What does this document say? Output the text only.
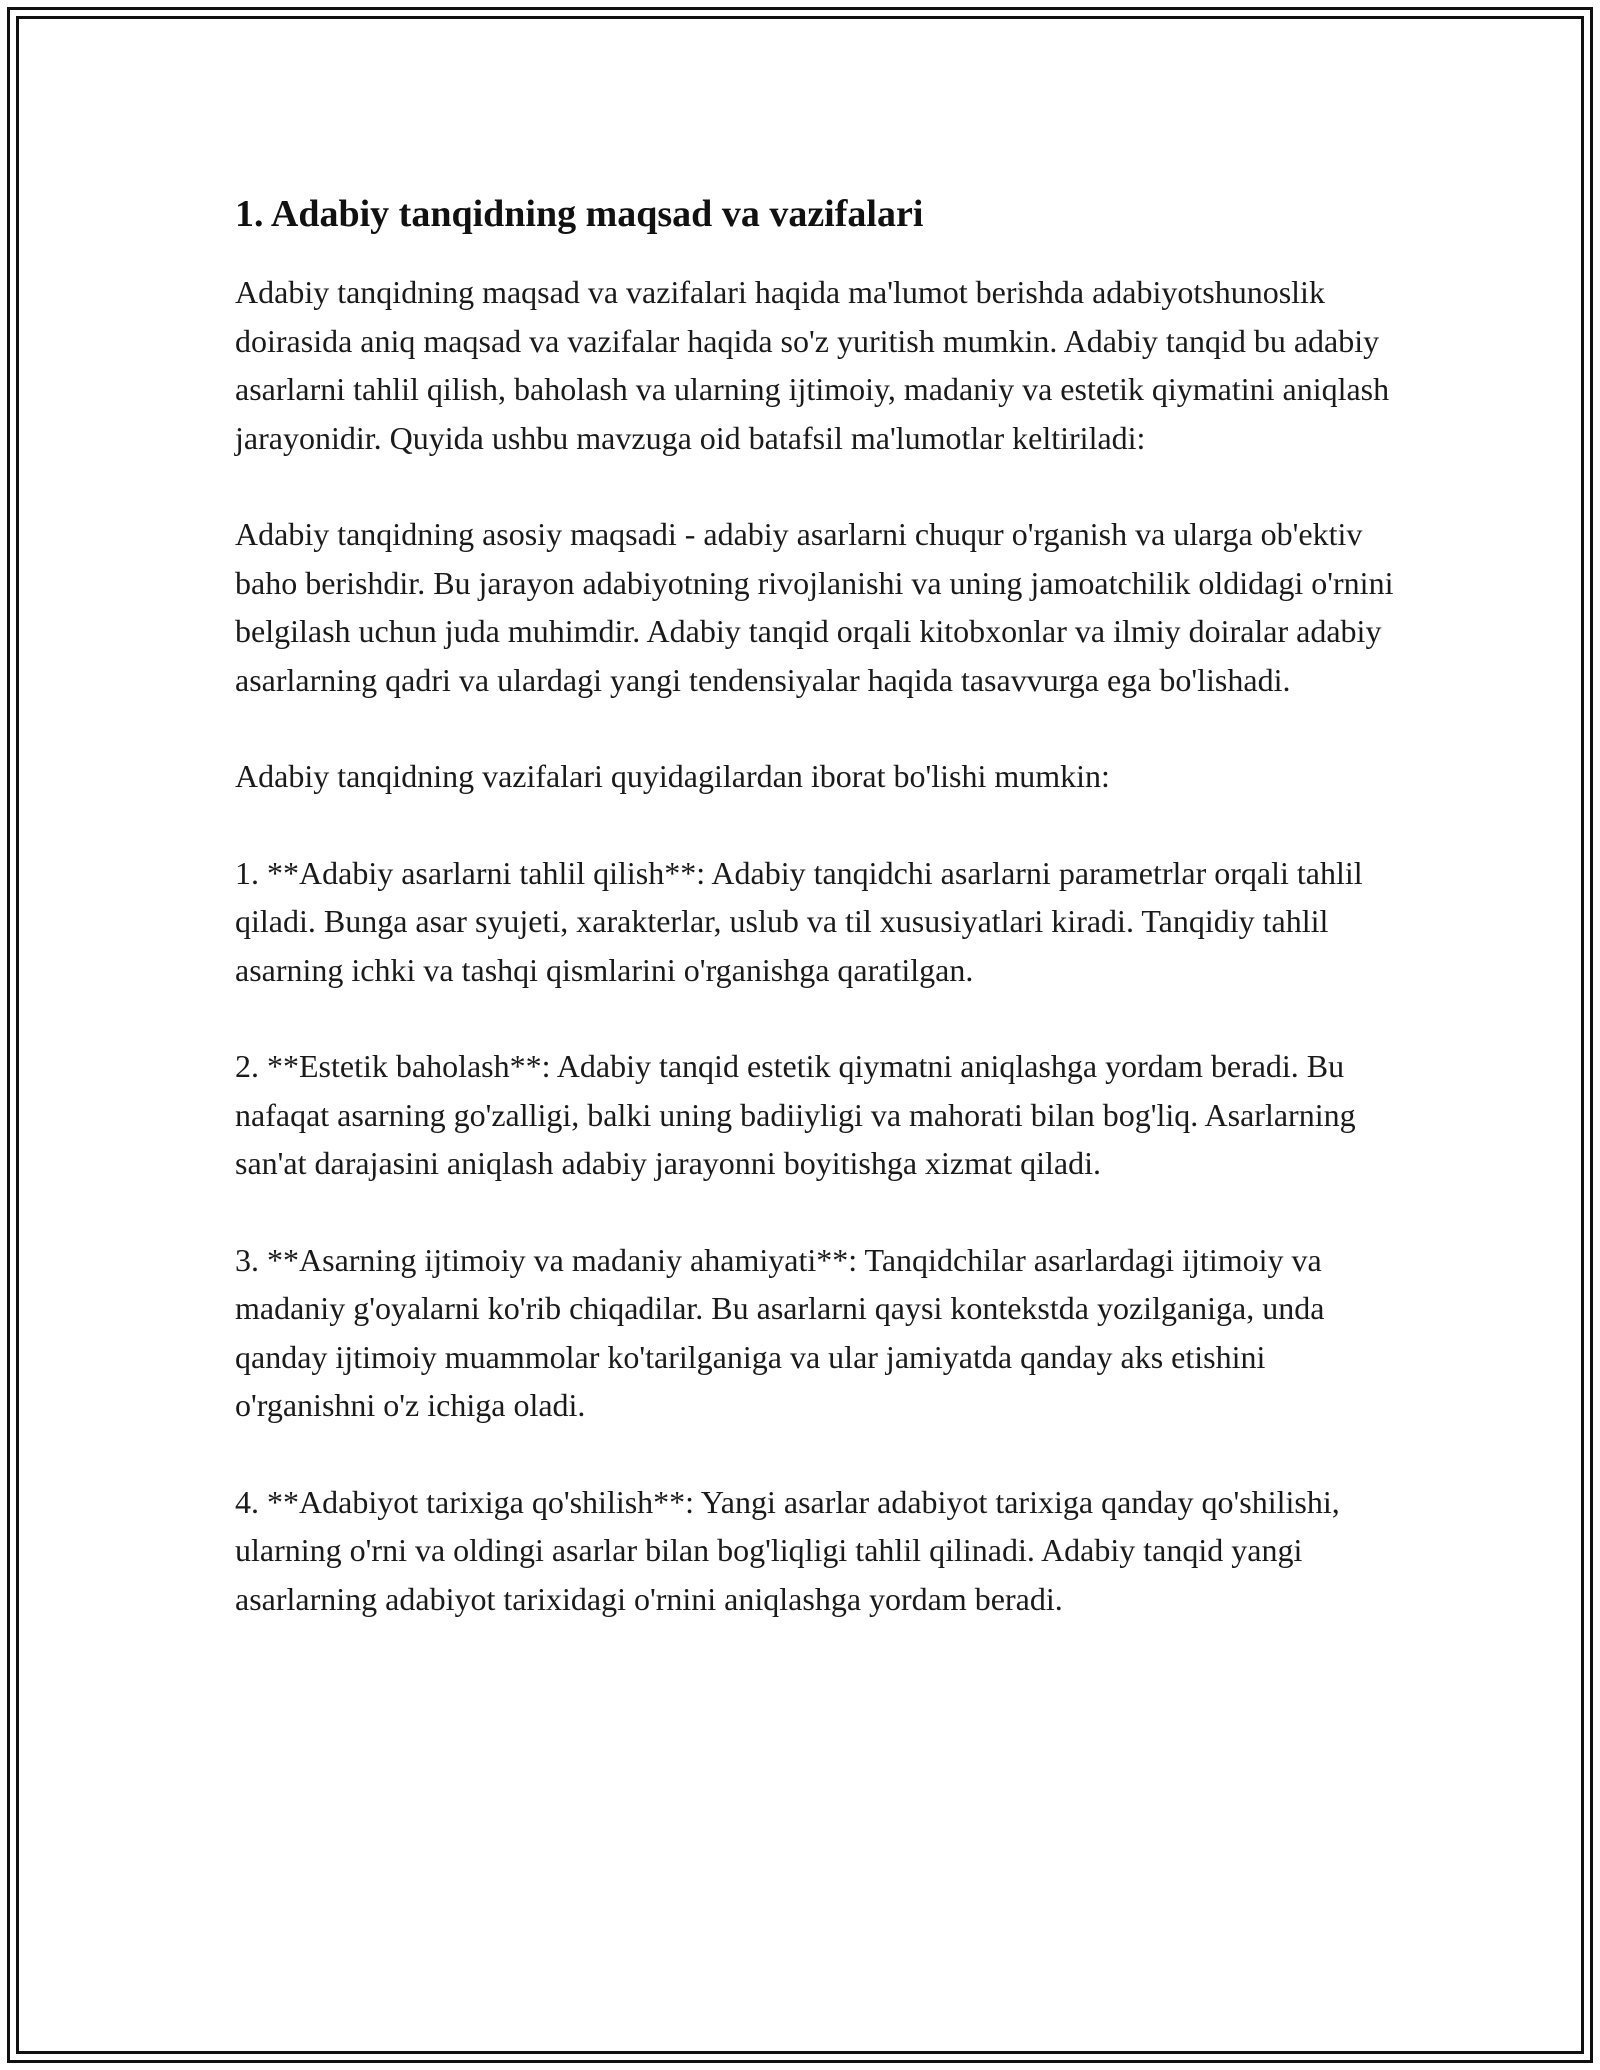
1. Adabiy tanqidning maqsad va vazifalari

Adabiy tanqidning maqsad va vazifalari haqida ma'lumot berishda adabiyotshunoslik doirasida aniq maqsad va vazifalar haqida so'z yuritish mumkin. Adabiy tanqid bu adabiy asarlarni tahlil qilish, baholash va ularning ijtimoiy, madaniy va estetik qiymatini aniqlash jarayonidir. Quyida ushbu mavzuga oid batafsil ma'lumotlar keltiriladi:

Adabiy tanqidning asosiy maqsadi - adabiy asarlarni chuqur o'rganish va ularga ob'ektiv baho berishdir. Bu jarayon adabiyotning rivojlanishi va uning jamoatchilik oldidagi o'rnini belgilash uchun juda muhimdir. Adabiy tanqid orqali kitobxonlar va ilmiy doiralar adabiy asarlarning qadri va ulardagi yangi tendensiyalar haqida tasavvurga ega bo'lishadi.

Adabiy tanqidning vazifalari quyidagilardan iborat bo'lishi mumkin:

1. **Adabiy asarlarni tahlil qilish**: Adabiy tanqidchi asarlarni parametrlar orqali tahlil qiladi. Bunga asar syujeti, xarakterlar, uslub va til xususiyatlari kiradi. Tanqidiy tahlil asarning ichki va tashqi qismlarini o'rganishga qaratilgan.

2. **Estetik baholash**: Adabiy tanqid estetik qiymatni aniqlashga yordam beradi. Bu nafaqat asarning go'zalligi, balki uning badiiyligi va mahorati bilan bog'liq. Asarlarning san'at darajasini aniqlash adabiy jarayonni boyitishga xizmat qiladi.

3. **Asarning ijtimoiy va madaniy ahamiyati**: Tanqidchilar asarlardagi ijtimoiy va madaniy g'oyalarni ko'rib chiqadilar. Bu asarlarni qaysi kontekstda yozilganiga, unda qanday ijtimoiy muammolar ko'tarilganiga va ular jamiyatda qanday aks etishini o'rganishni o'z ichiga oladi.

4. **Adabiyot tarixiga qo'shilish**: Yangi asarlar adabiyot tarixiga qanday qo'shilishi, ularning o'rni va oldingi asarlar bilan bog'liqligi tahlil qilinadi. Adabiy tanqid yangi asarlarning adabiyot tarixidagi o'rnini aniqlashga yordam beradi.
